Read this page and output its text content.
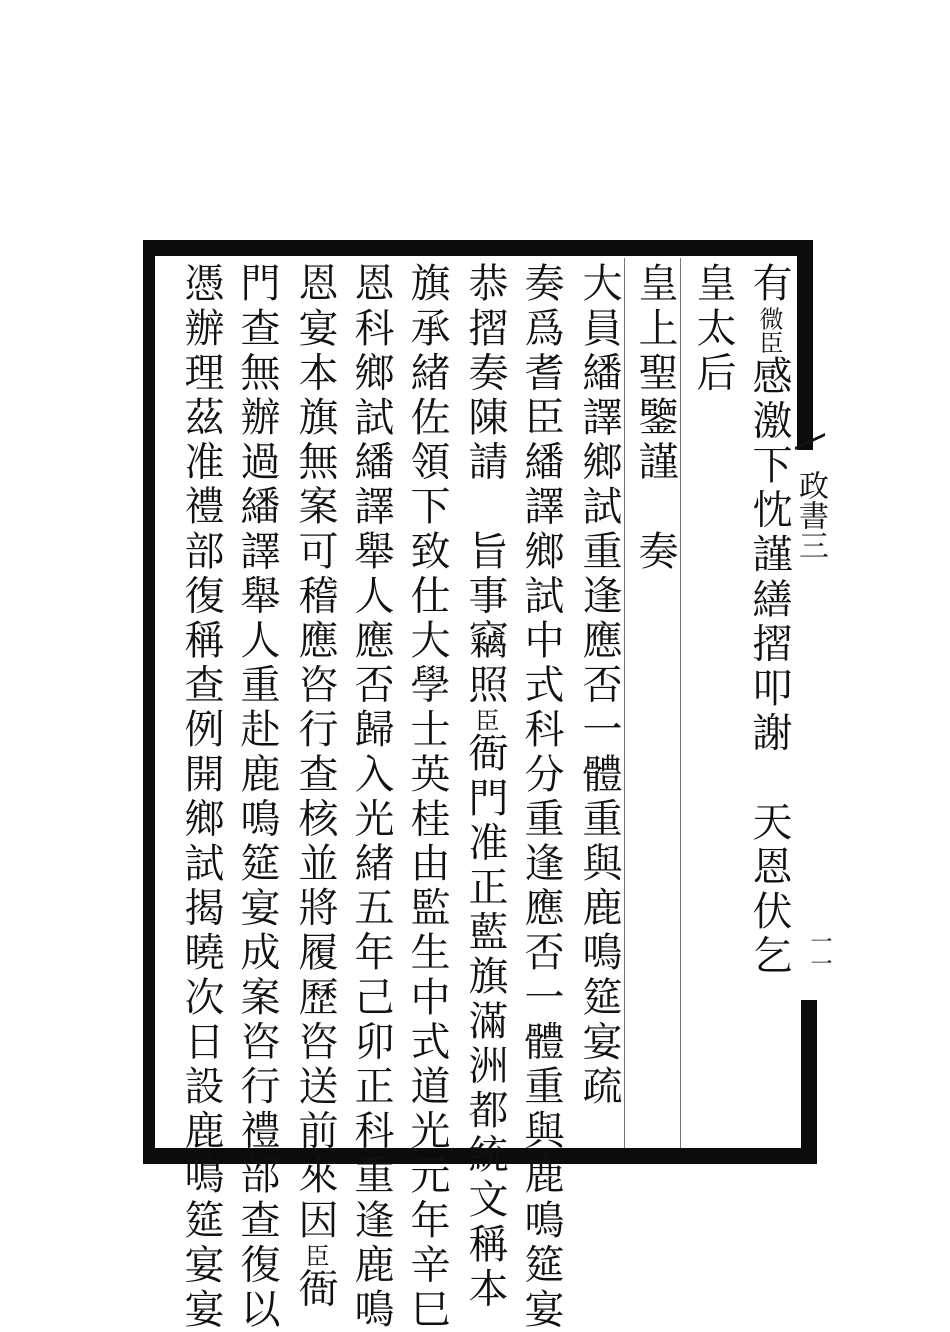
政書三
一一
有微臣感激下忱謹繕摺叩謝　天恩伏乞
皇太后
皇上聖鑒謹　奏
大員繙譯鄉試重逢應否一體重與鹿鳴筵宴疏
奏爲耆臣繙譯鄉試中式科分重逢應否一體重與鹿鳴筵宴
恭摺奏陳請　旨事竊照臣衙門准正藍旗滿洲都統文稱本
旗承緒佐領下致仕大學士英桂由監生中式道光元年辛巳
恩科鄉試繙譯舉人應否歸入光緒五年己卯正科重逢鹿鳴
恩宴本旗無案可稽應咨行查核並將履歷咨送前來因臣衙
門查無辦過繙譯舉人重赴鹿鳴筵宴成案咨行禮部查復以
憑辦理茲准禮部復稱查例開鄉試揭曉次日設鹿鳴筵宴宴
